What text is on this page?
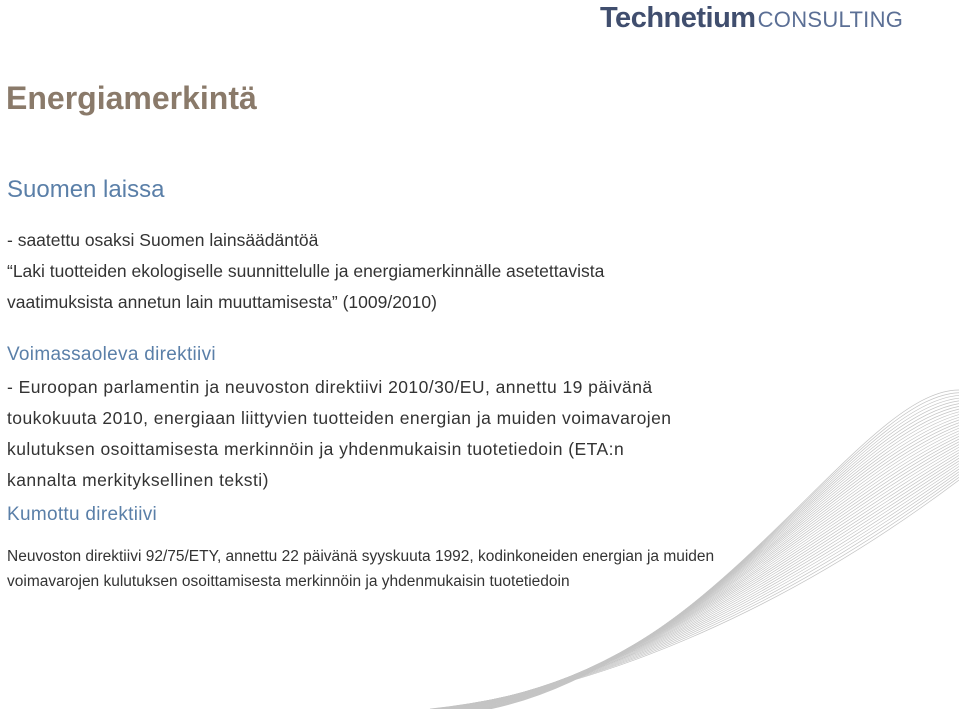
TechnetiumCONSULTING
Energiamerkintä
Suomen laissa
- saatettu osaksi Suomen lainsäädäntöä
“Laki tuotteiden ekologiselle suunnittelulle ja energiamerkinnälle asetettavista
vaatimuksista annetun lain muuttamisesta” (1009/2010)
Voimassaoleva direktiivi
- Euroopan parlamentin ja neuvoston direktiivi 2010/30/EU, annettu 19 päivänä
toukokuuta 2010, energiaan liittyvien tuotteiden energian ja muiden voimavarojen
kulutuksen osoittamisesta merkinnöin ja yhdenmukaisin tuotetiedoin (ETA:n
kannalta merkityksellinen teksti)
Kumottu direktiivi
Neuvoston direktiivi 92/75/ETY, annettu 22 päivänä syyskuuta 1992, kodinkoneiden energian ja muiden
voimavarojen kulutuksen osoittamisesta merkinnöin ja yhdenmukaisin tuotetiedoin
